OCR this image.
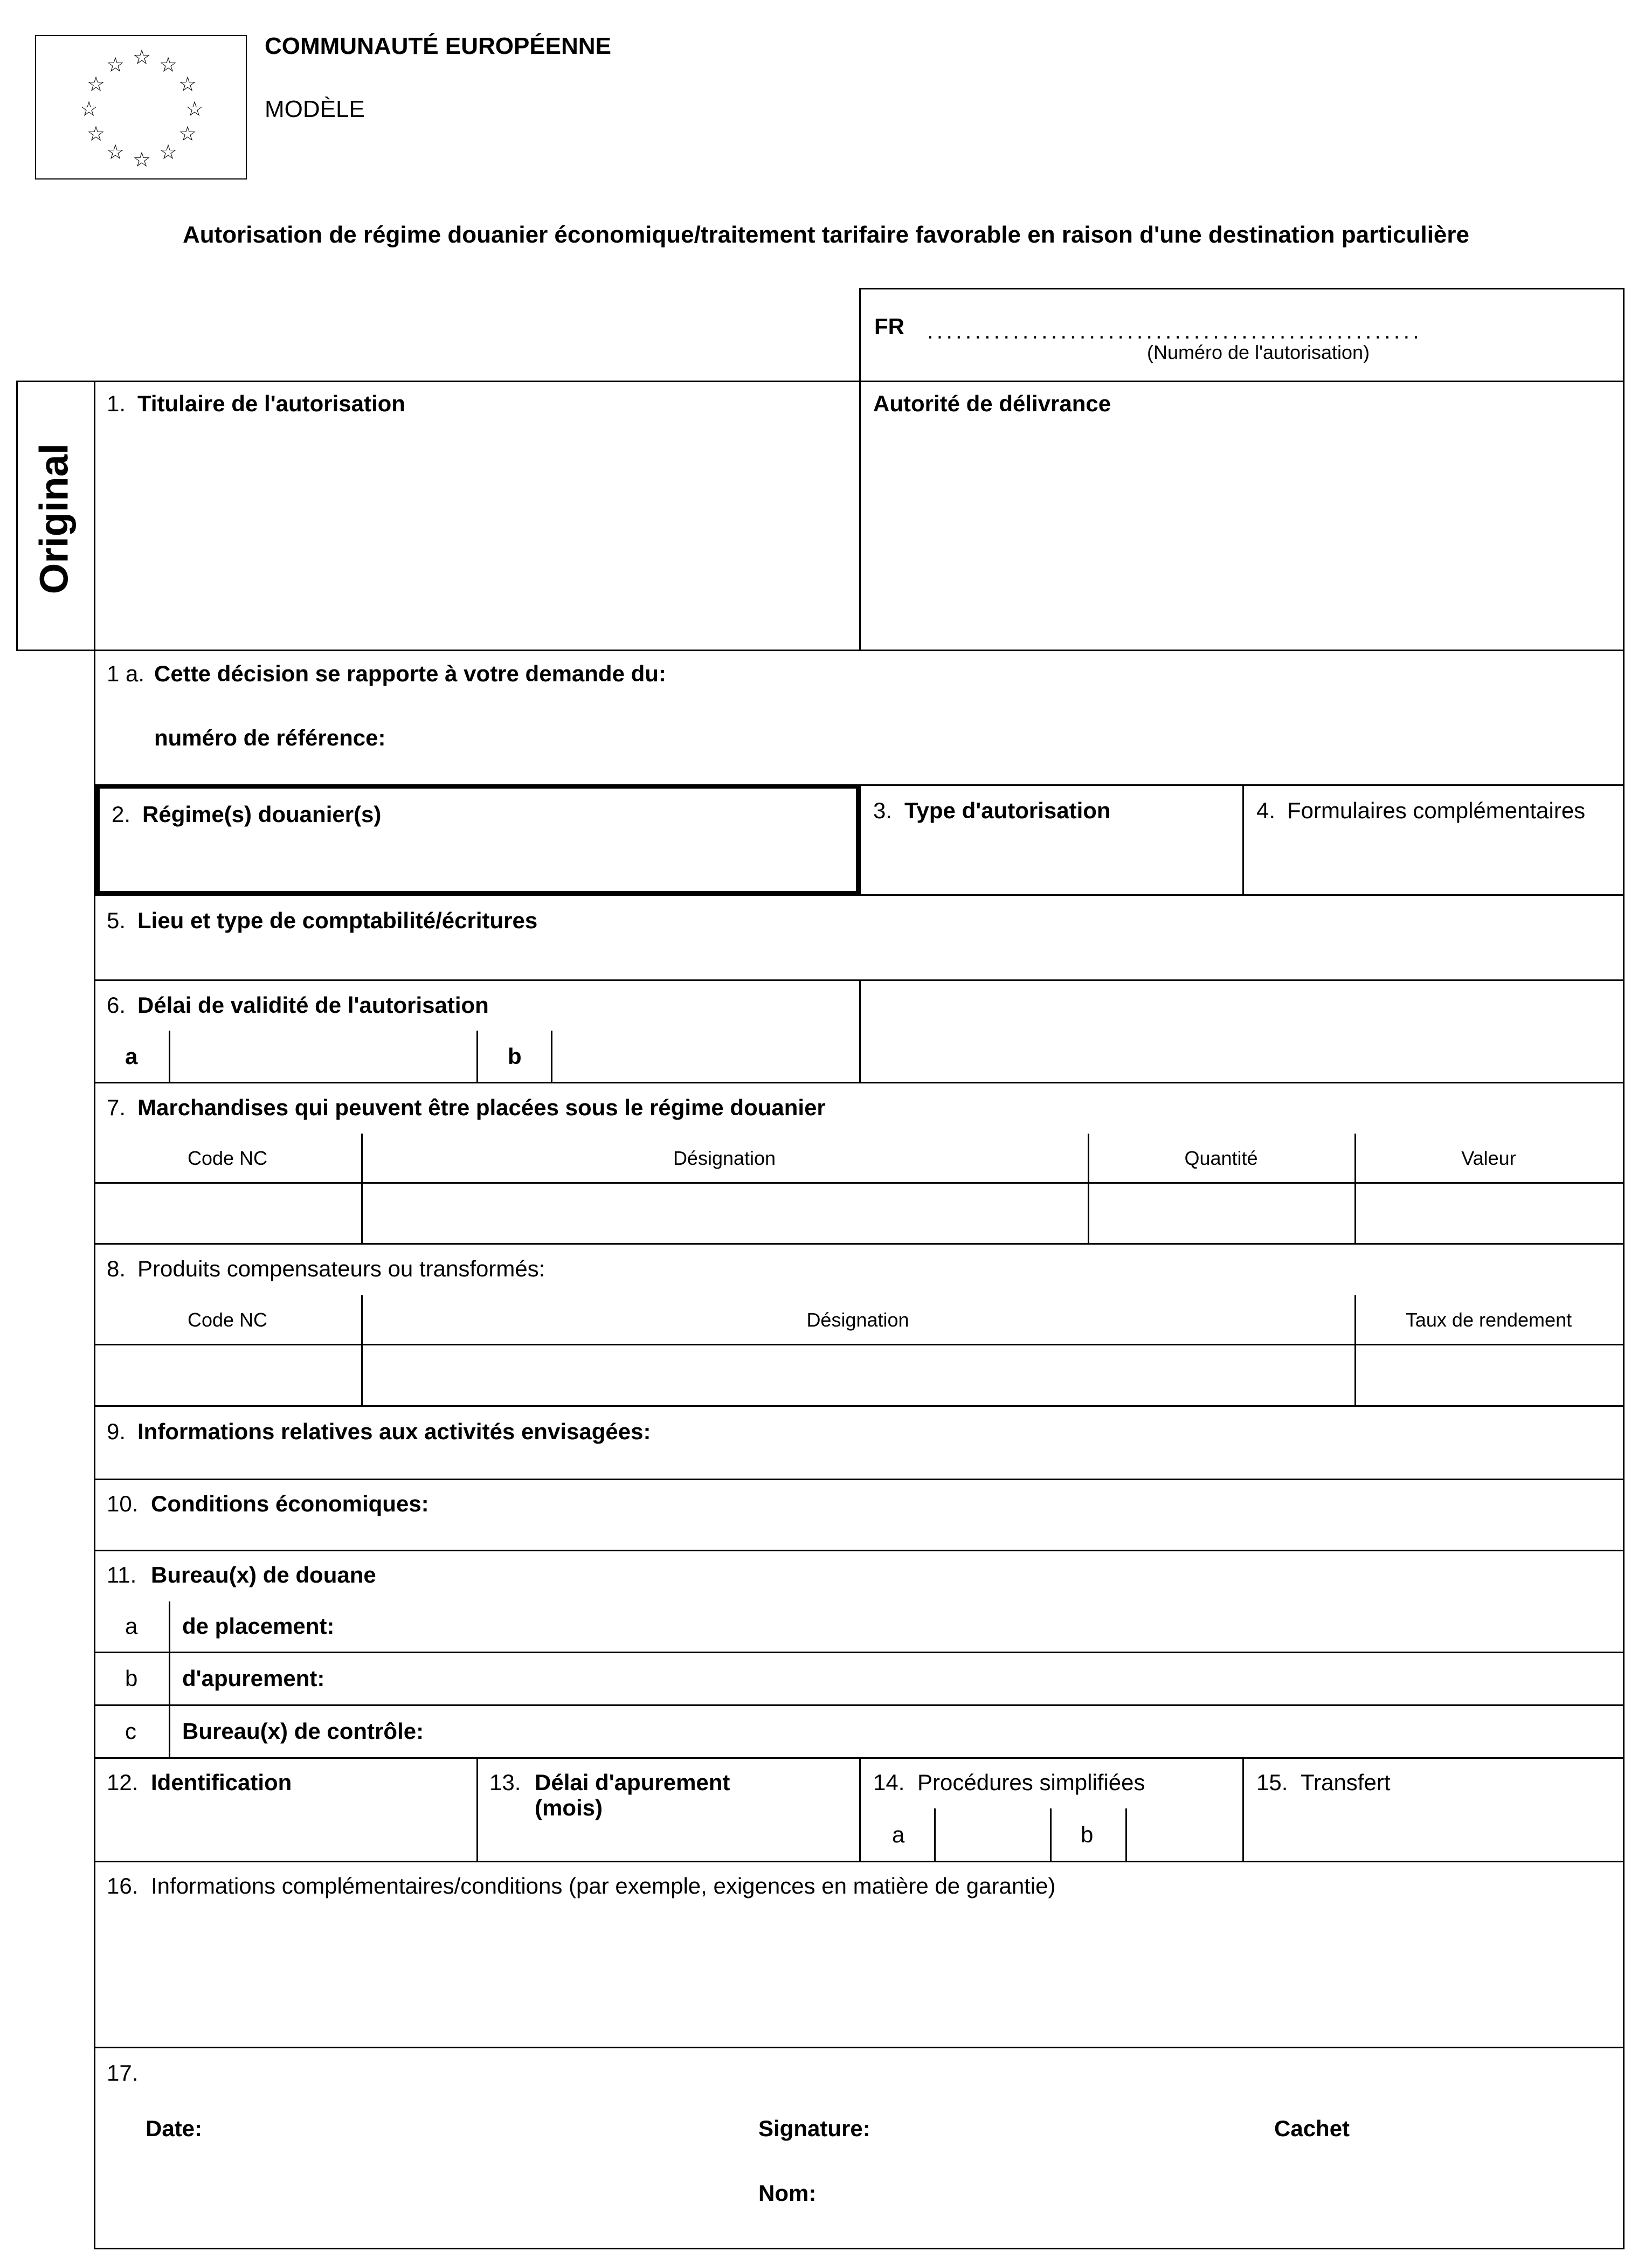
☆ ☆
☆
☆
☆
☆
☆
☆
☆
☆
☆
☆
COMMUNAUTÉ EUROPÉENNE
MODÈLE
Autorisation de régime douanier économique/traitement tarifaire favorable en raison d'une destination particulière
FR ....................................................
(Numéro de l'autorisation)
Original
1. Titulaire de l'autorisation	Autorité de délivrance
1 a. Cette décision se rapporte à votre demande du:
numéro de référence:
2. Régime(s) douanier(s)	3. Type d'autorisation	4. Formulaires complémentaires
5. Lieu et type de comptabilité/écritures
6. Délai de validité de l'autorisation
a	b
7. Marchandises qui peuvent être placées sous le régime douanier
Code NC	Désignation	Quantité	Valeur
8. Produits compensateurs ou transformés:
Code NC	Désignation	Taux de rendement
9. Informations relatives aux activités envisagées:
10. Conditions économiques:
11. Bureau(x) de douane
a de placement:
b d'apurement:
c Bureau(x) de contrôle:
12. Identification	13. Délai d'apurement
(mois)
14. Procédures simplifiées
a	b
15. Transfert
16. Informations complémentaires/conditions (par exemple, exigences en matière de garantie)
17.
Date:	Signature:	Cachet
Nom:
